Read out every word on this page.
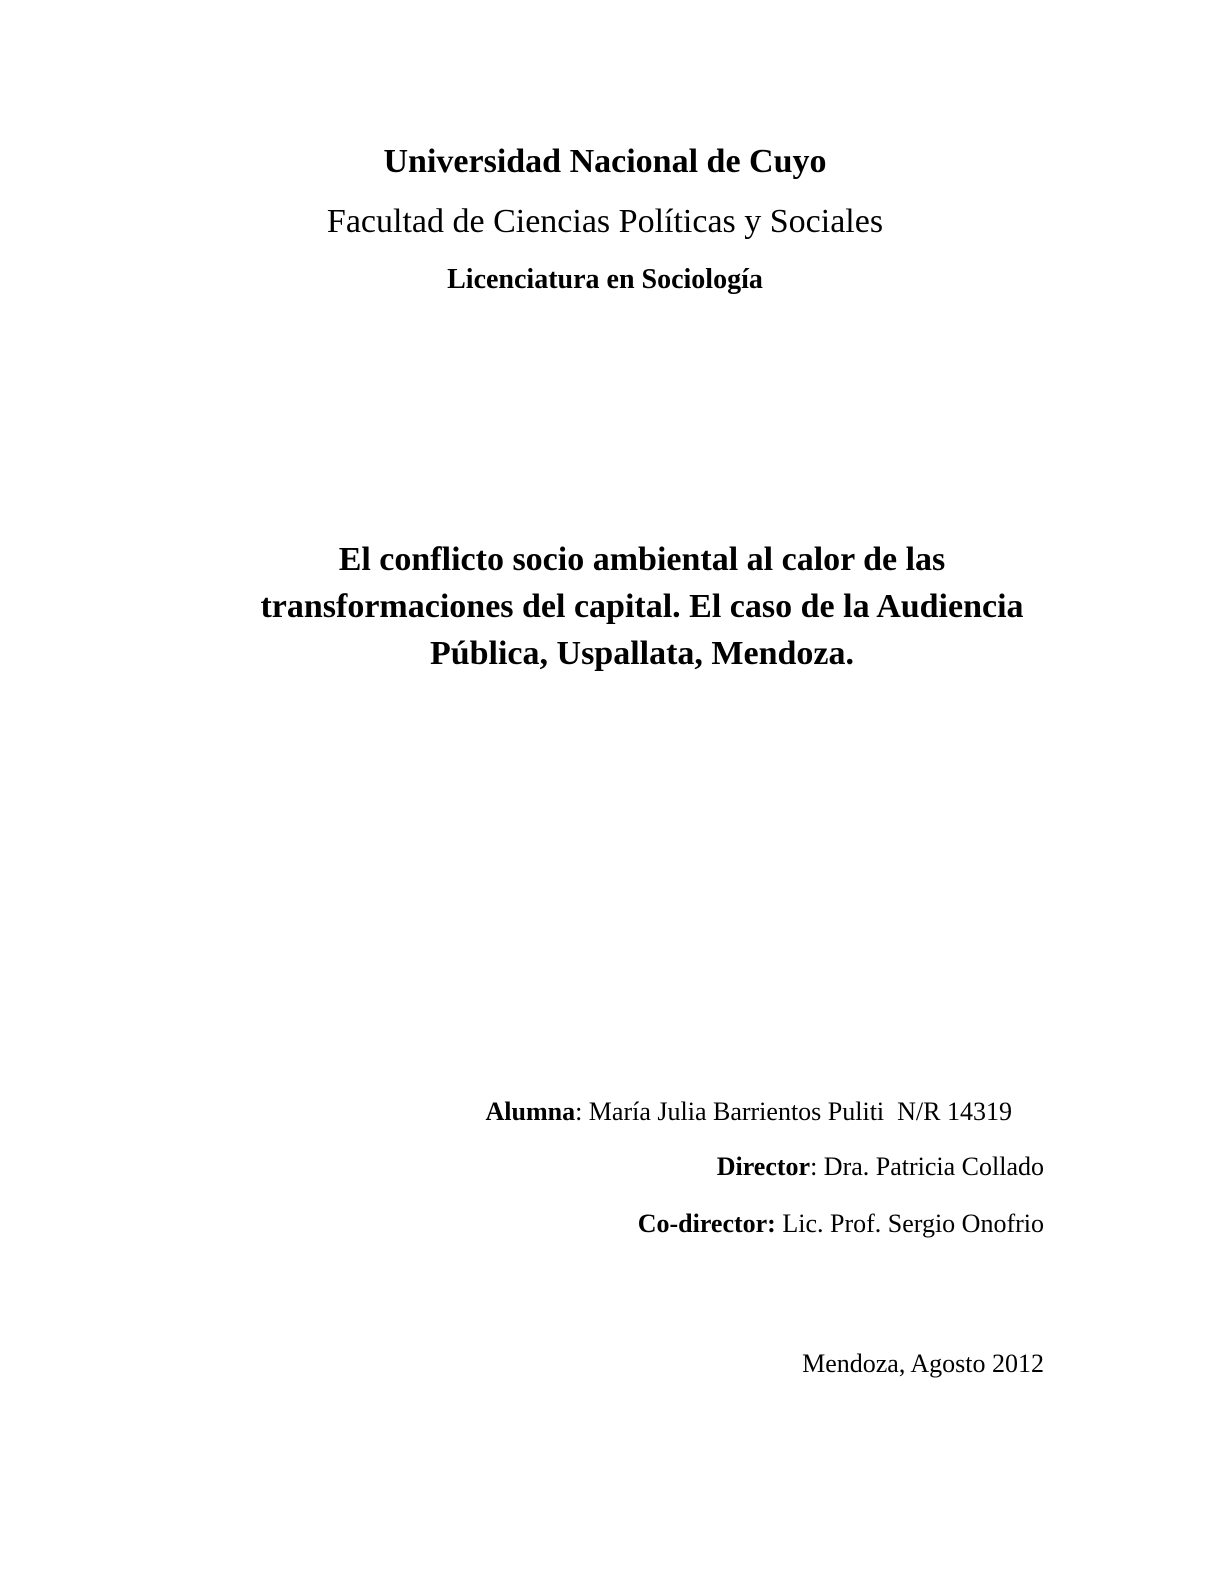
Universidad Nacional de Cuyo
Facultad de Ciencias Políticas y Sociales
Licenciatura en Sociología
El conflicto socio ambiental al calor de las
transformaciones del capital. El caso de la Audiencia
Pública, Uspallata, Mendoza.
Alumna: María Julia Barrientos Puliti  N/R 14319
Director: Dra. Patricia Collado
Co-director: Lic. Prof. Sergio Onofrio
Mendoza, Agosto 2012
